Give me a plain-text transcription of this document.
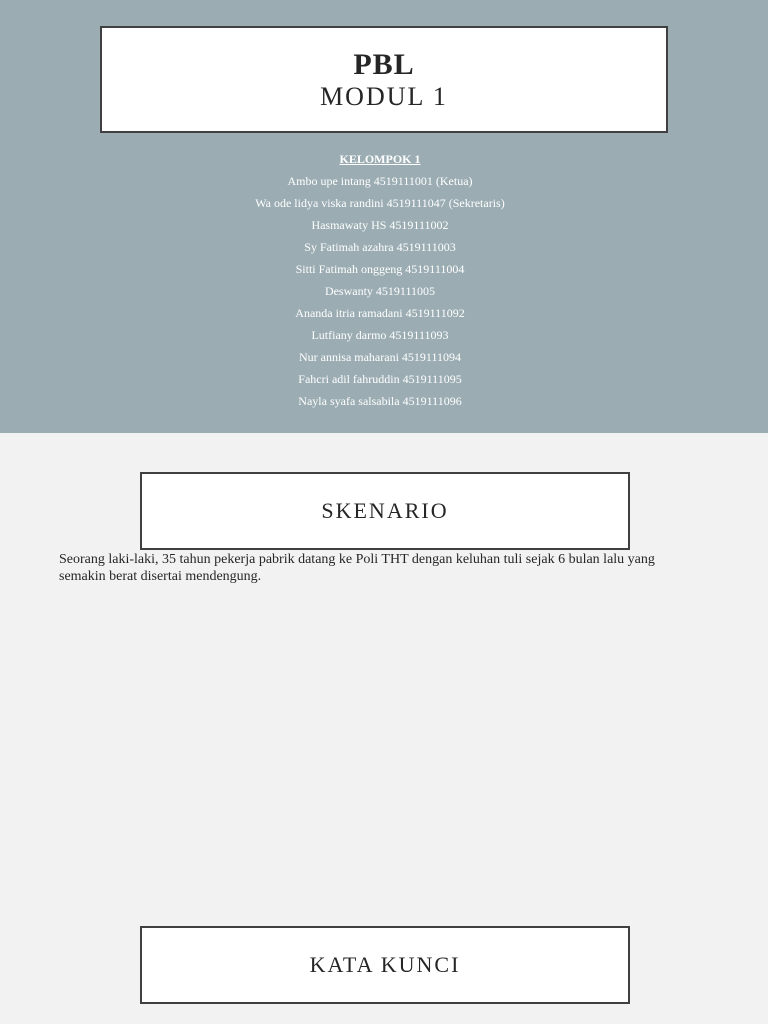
PBL
MODUL 1
KELOMPOK 1
Ambo upe intang 4519111001 (Ketua)
Wa ode lidya viska randini 4519111047 (Sekretaris)
Hasmawaty HS 4519111002
Sy Fatimah azahra 4519111003
Sitti Fatimah onggeng 4519111004
Deswanty 4519111005
Ananda itria ramadani 4519111092
Lutfiany darmo 4519111093
Nur annisa maharani 4519111094
Fahcri adil fahruddin 4519111095
Nayla syafa salsabila 4519111096
SKENARIO
Seorang laki-laki, 35 tahun pekerja pabrik datang ke Poli THT dengan keluhan tuli sejak 6 bulan lalu yang semakin berat disertai mendengung.
KATA KUNCI
